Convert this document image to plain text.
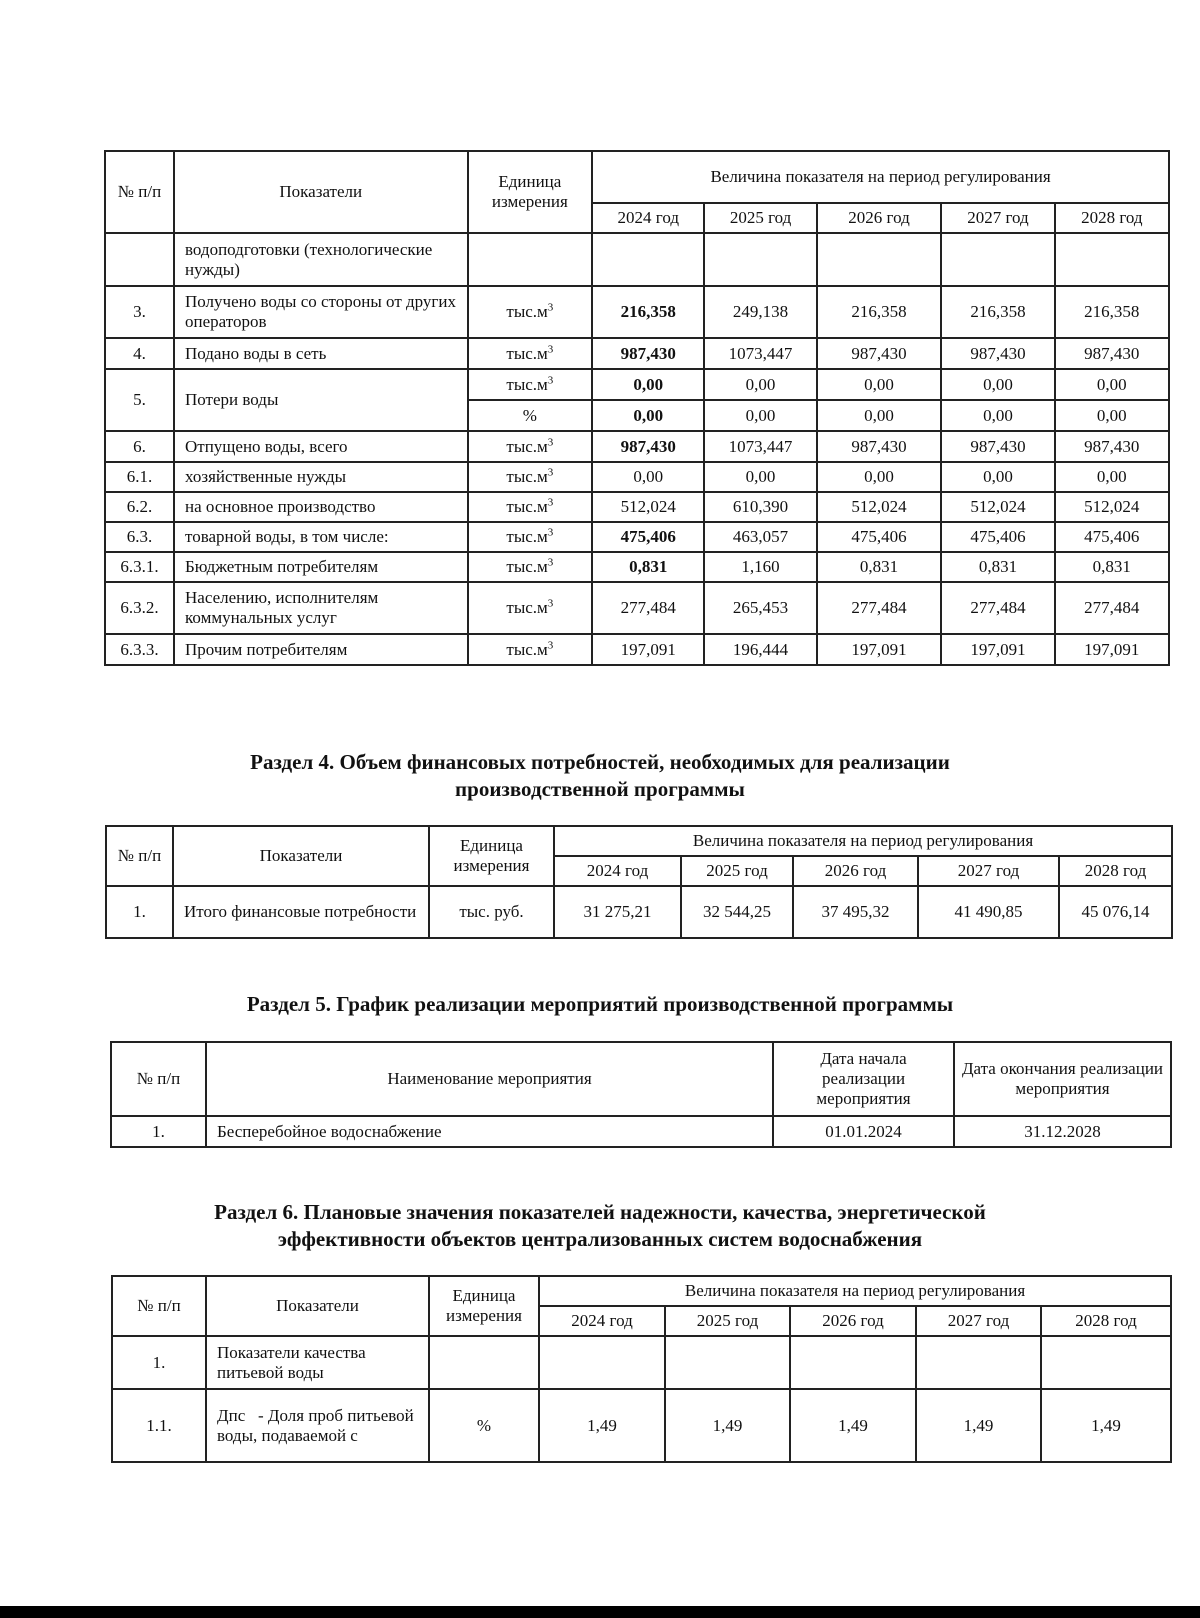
№ п/п	Показатели	Единица измерения	Величина показателя на период регулирования				
			2024 год	2025 год	2026 год	2027 год	2028 год
	водоподготовки (технологические нужды)						
3.	Получено воды со стороны от других операторов	$тыс.м^3$	216,358	249,138	216,358	216,358	216,358
4.	Подано воды в сеть	$тыс.м^3$	987,430	1073,447	987,430	987,430	987,430
5.	Потери воды	$тыс.м^3$	0,00	0,00	0,00	0,00	0,00
		%	0,00	0,00	0,00	0,00	0,00
6.	Отпущено воды, всего	$тыс.м^3$	987,430	1073,447	987,430	987,430	987,430
6.1.	хозяйственные нужды	$тыс.м^3$	0,00	0,00	0,00	0,00	0,00
6.2.	на основное производство	$тыс.м^3$	512,024	610,390	512,024	512,024	512,024
6.3.	товарной воды, в том числе:	$тыс.м^3$	475,406	463,057	475,406	475,406	475,406
6.3.1.	Бюджетным потребителям	$тыс.м^3$	0,831	1,160	0,831	0,831	0,831
6.3.2.	Населению, исполнителям коммунальных услуг	$тыс.м^3$	277,484	265,453	277,484	277,484	277,484
6.3.3.	Прочим потребителям	$тыс.м^3$	197,091	196,444	197,091	197,091	197,091
Раздел 4. Объем финансовых потребностей, необходимых для реализации
производственной программы
№ п/п	Показатели	Единица измерения	Величина показателя на период регулирования				
			2024 год	2025 год	2026 год	2027 год	2028 год
1.	Итого финансовые потребности	тыс. руб.	31 275,21	32 544,25	37 495,32	41 490,85	45 076,14
Раздел 5. График реализации мероприятий производственной программы
№ п/п	Наименование мероприятия	Дата начала реализации мероприятия	Дата окончания реализации мероприятия
1.	Бесперебойное водоснабжение	01.01.2024	31.12.2028
Раздел 6. Плановые значения показателей надежности, качества, энергетической
эффективности объектов централизованных систем водоснабжения
№ п/п	Показатели	Единица измерения	Величина показателя на период регулирования				
			2024 год	2025 год	2026 год	2027 год	2028 год
1.	Показатели качества питьевой воды						
1.1.	Дпс   - Доля проб питьевой воды, подаваемой с	%	1,49	1,49	1,49	1,49	1,49
